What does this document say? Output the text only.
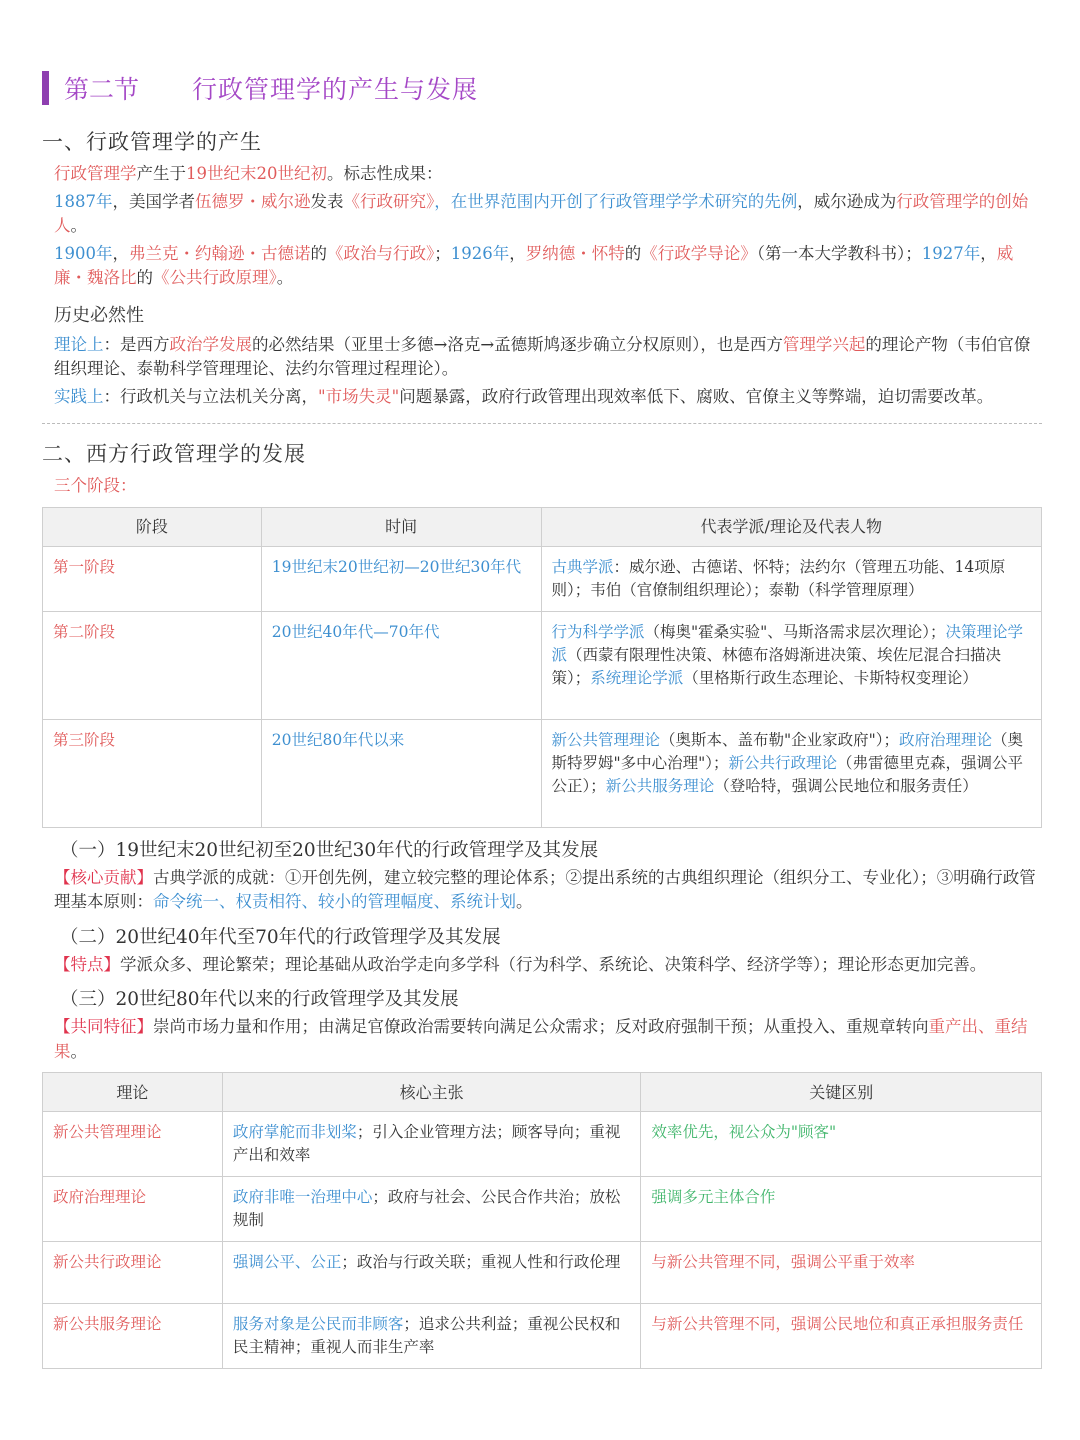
第二节 行政管理学的产生与发展
一、行政管理学的产生
行政管理学产生于19世纪末20世纪初。标志性成果：
1887年，美国学者伍德罗・威尔逊发表《行政研究》，在世界范围内开创了行政管理学学术研究的先例，威尔逊成为行政管理学的创始人。
1900年，弗兰克・约翰逊・古德诺的《政治与行政》；1926年，罗纳德・怀特的《行政学导论》（第一本大学教科书）；1927年，威廉・魏洛比的《公共行政原理》。
历史必然性
理论上：是西方政治学发展的必然结果（亚里士多德→洛克→孟德斯鸠逐步确立分权原则），也是西方管理学兴起的理论产物（韦伯官僚组织理论、泰勒科学管理理论、法约尔管理过程理论）。
实践上：行政机关与立法机关分离，"市场失灵"问题暴露，政府行政管理出现效率低下、腐败、官僚主义等弊端，迫切需要改革。
二、西方行政管理学的发展
三个阶段：
阶段	时间	代表学派/理论及代表人物
第一阶段	19世纪末20世纪初—20世纪30年代	古典学派：威尔逊、古德诺、怀特；法约尔（管理五功能、14项原则）；韦伯（官僚制组织理论）；泰勒（科学管理原理）
第二阶段	20世纪40年代—70年代	行为科学学派（梅奥"霍桑实验"、马斯洛需求层次理论）；决策理论学派（西蒙有限理性决策、林德布洛姆渐进决策、埃佐尼混合扫描决策）；系统理论学派（里格斯行政生态理论、卡斯特权变理论）
第三阶段	20世纪80年代以来	新公共管理理论（奥斯本、盖布勒"企业家政府"）；政府治理理论（奥斯特罗姆"多中心治理"）；新公共行政理论（弗雷德里克森，强调公平公正）；新公共服务理论（登哈特，强调公民地位和服务责任）
（一）19世纪末20世纪初至20世纪30年代的行政管理学及其发展
【核心贡献】古典学派的成就：①开创先例，建立较完整的理论体系；②提出系统的古典组织理论（组织分工、专业化）；③明确行政管理基本原则：命令统一、权责相符、较小的管理幅度、系统计划。
（二）20世纪40年代至70年代的行政管理学及其发展
【特点】学派众多、理论繁荣；理论基础从政治学走向多学科（行为科学、系统论、决策科学、经济学等）；理论形态更加完善。
（三）20世纪80年代以来的行政管理学及其发展
【共同特征】崇尚市场力量和作用；由满足官僚政治需要转向满足公众需求；反对政府强制干预；从重投入、重规章转向重产出、重结果。
理论	核心主张	关键区别
新公共管理理论	政府掌舵而非划桨；引入企业管理方法；顾客导向；重视产出和效率	效率优先，视公众为"顾客"
政府治理理论	政府非唯一治理中心；政府与社会、公民合作共治；放松规制	强调多元主体合作
新公共行政理论	强调公平、公正；政治与行政关联；重视人性和行政伦理	与新公共管理不同，强调公平重于效率
新公共服务理论	服务对象是公民而非顾客；追求公共利益；重视公民权和民主精神；重视人而非生产率	与新公共管理不同，强调公民地位和真正承担服务责任
